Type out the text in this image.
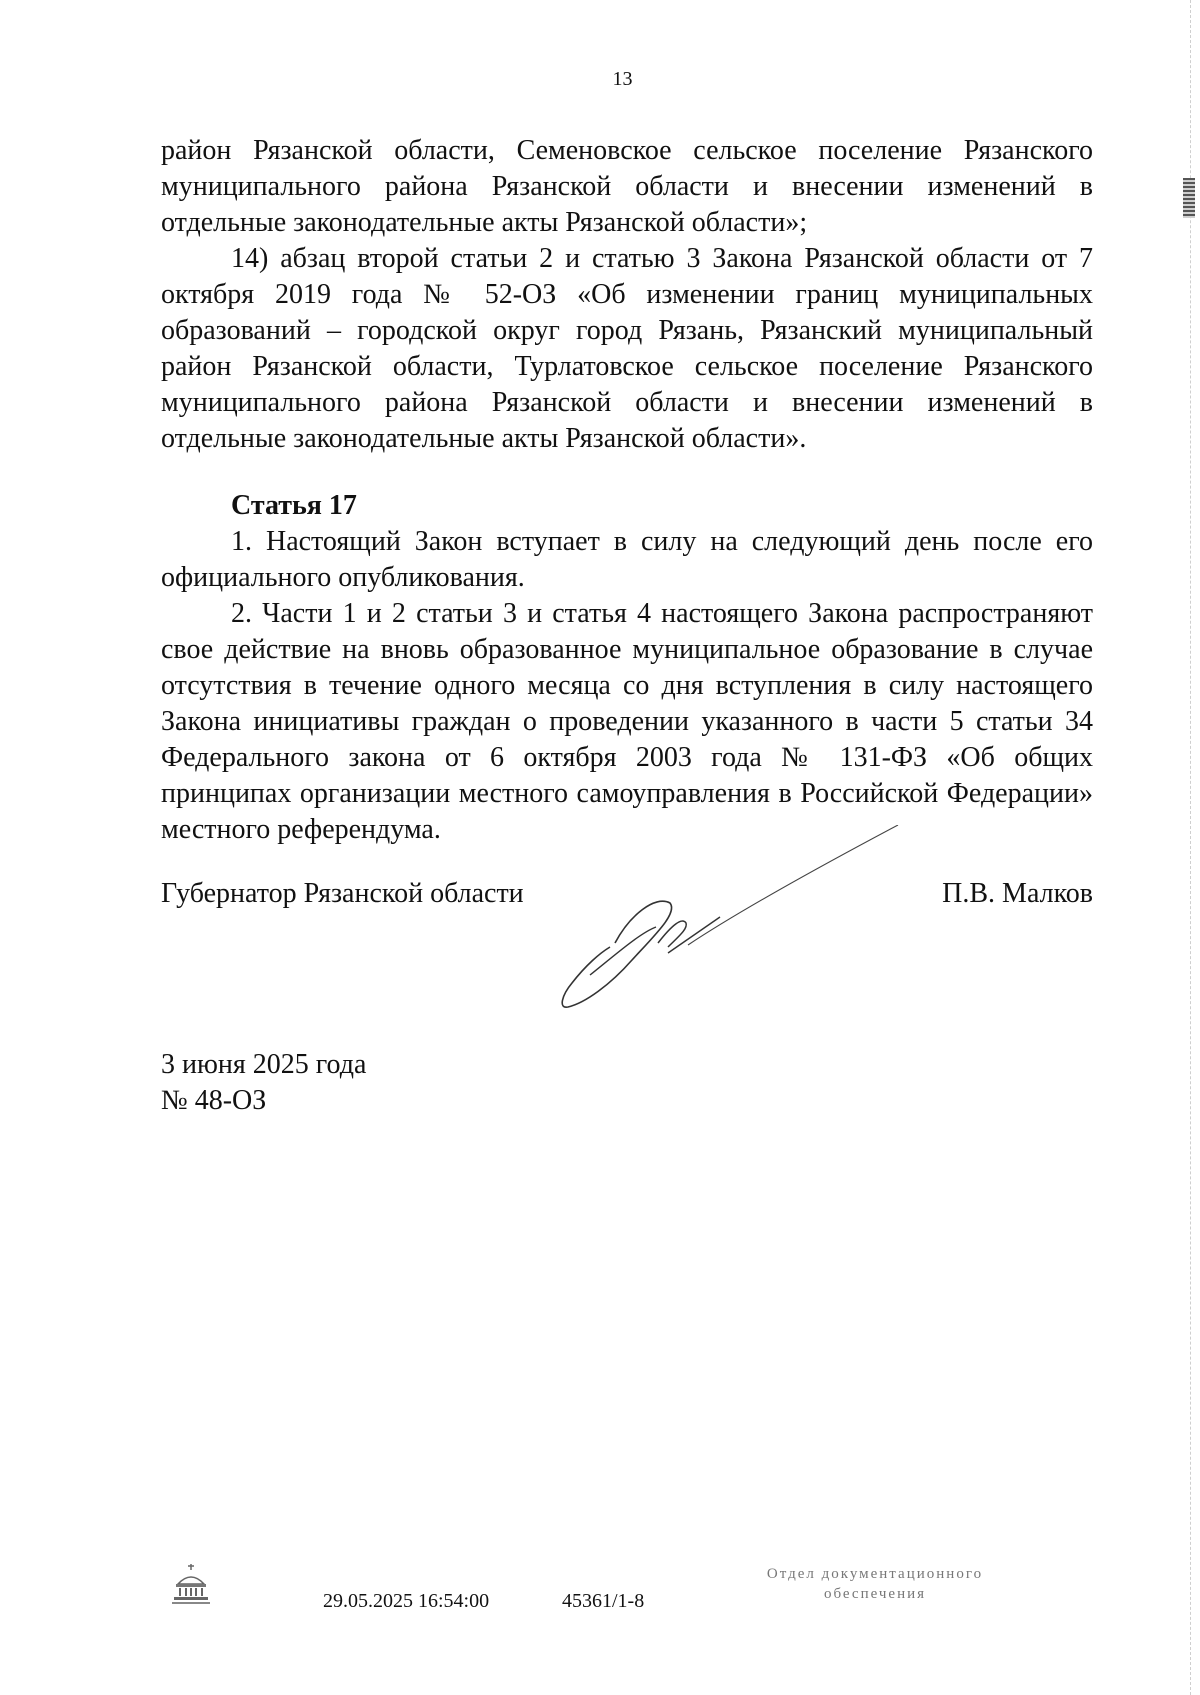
13

район Рязанской области, Семеновское сельское поселение Рязанского муниципального района Рязанской области и внесении изменений в отдельные законодательные акты Рязанской области»;

14) абзац второй статьи 2 и статью 3 Закона Рязанской области от 7 октября 2019 года № 52-ОЗ «Об изменении границ муниципальных образований – городской округ город Рязань, Рязанский муниципальный район Рязанской области, Турлатовское сельское поселение Рязанского муниципального района Рязанской области и внесении изменений в отдельные законодательные акты Рязанской области».

Статья 17

1. Настоящий Закон вступает в силу на следующий день после его официального опубликования.

2. Части 1 и 2 статьи 3 и статья 4 настоящего Закона распространяют свое действие на вновь образованное муниципальное образование в случае отсутствия в течение одного месяца со дня вступления в силу настоящего Закона инициативы граждан о проведении указанного в части 5 статьи 34 Федерального закона от 6 октября 2003 года № 131-ФЗ «Об общих принципах организации местного самоуправления в Российской Федерации» местного референдума.

Губернатор Рязанской области	П.В. Малков
3 июня 2025 года
№ 48-ОЗ
29.05.2025 16:54:00	45361/1-8
Отдел документационного
обеспечения
